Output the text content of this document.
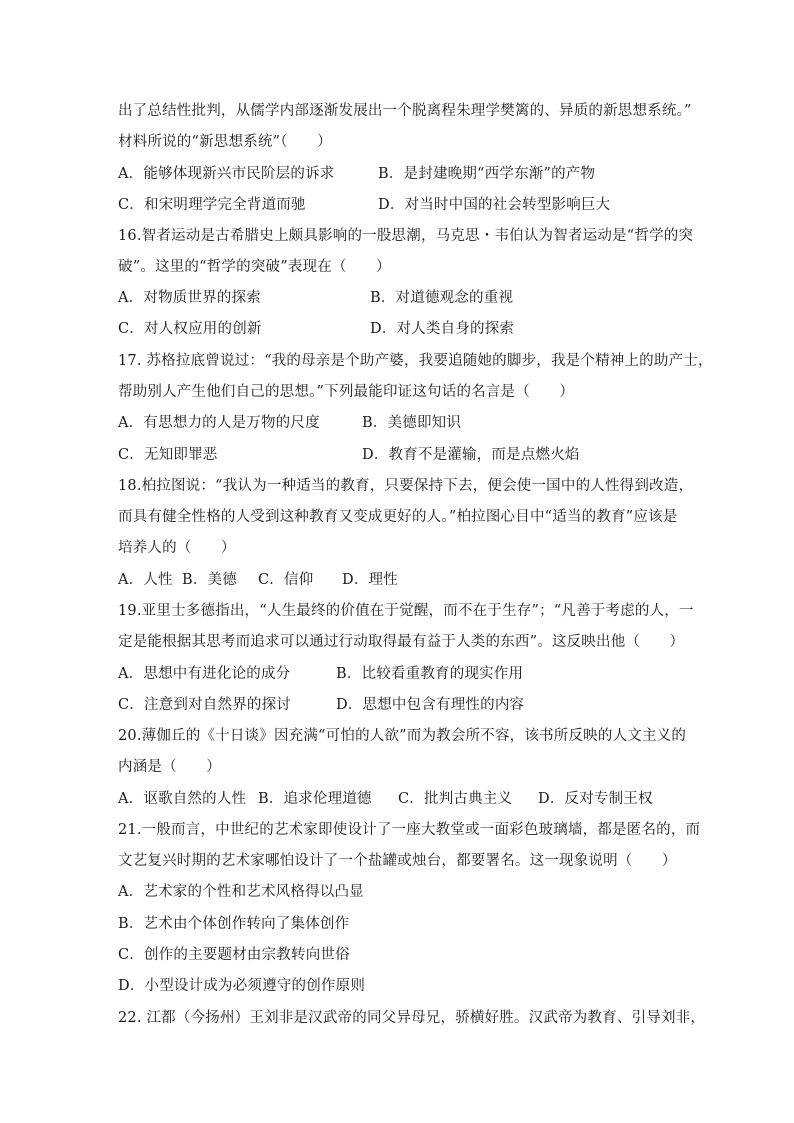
出了总结性批判，从儒学内部逐渐发展出一个脱离程朱理学樊篱的、异质的新思想系统。”
材料所说的“新思想系统”（　　）
A．能够体现新兴市民阶层的诉求	B．是封建晚期“西学东渐”的产物
C．和宋明理学完全背道而驰	D．对当时中国的社会转型影响巨大
16.智者运动是古希腊史上颇具影响的一股思潮，马克思・韦伯认为智者运动是“哲学的突
破”。这里的“哲学的突破”表现在（　　）
A．对物质世界的探索	B．对道德观念的重视
C．对人权应用的创新	D．对人类自身的探索
17. 苏格拉底曾说过：“我的母亲是个助产婆，我要追随她的脚步，我是个精神上的助产士，
帮助别人产生他们自己的思想。”下列最能印证这句话的名言是（　　）
A．有思想力的人是万物的尺度	B．美德即知识
C．无知即罪恶	D．教育不是灌输，而是点燃火焰
18.柏拉图说：“我认为一种适当的教育，只要保持下去，便会使一国中的人性得到改造，
而具有健全性格的人受到这种教育又变成更好的人。”柏拉图心目中“适当的教育”应该是
培养人的（　　）
A．人性 B．美德 C．信仰 D．理性
19.亚里士多德指出，“人生最终的价值在于觉醒，而不在于生存”；“凡善于考虑的人，一
定是能根据其思考而追求可以通过行动取得最有益于人类的东西”。这反映出他（　　）
A．思想中有进化论的成分	B．比较看重教育的现实作用
C．注意到对自然界的探讨	D．思想中包含有理性的内容
20.薄伽丘的《十日谈》因充满“可怕的人欲”而为教会所不容，该书所反映的人文主义的
内涵是（　　）
A．讴歌自然的人性 B．追求伦理道德 C．批判古典主义 D．反对专制王权
21.一般而言，中世纪的艺术家即使设计了一座大教堂或一面彩色玻璃墙，都是匿名的，而
文艺复兴时期的艺术家哪怕设计了一个盐罐或烛台，都要署名。这一现象说明（　　）
A．艺术家的个性和艺术风格得以凸显
B．艺术由个体创作转向了集体创作
C．创作的主要题材由宗教转向世俗
D．小型设计成为必须遵守的创作原则
22. 江都（今扬州）王刘非是汉武帝的同父异母兄，骄横好胜。汉武帝为教育、引导刘非，
